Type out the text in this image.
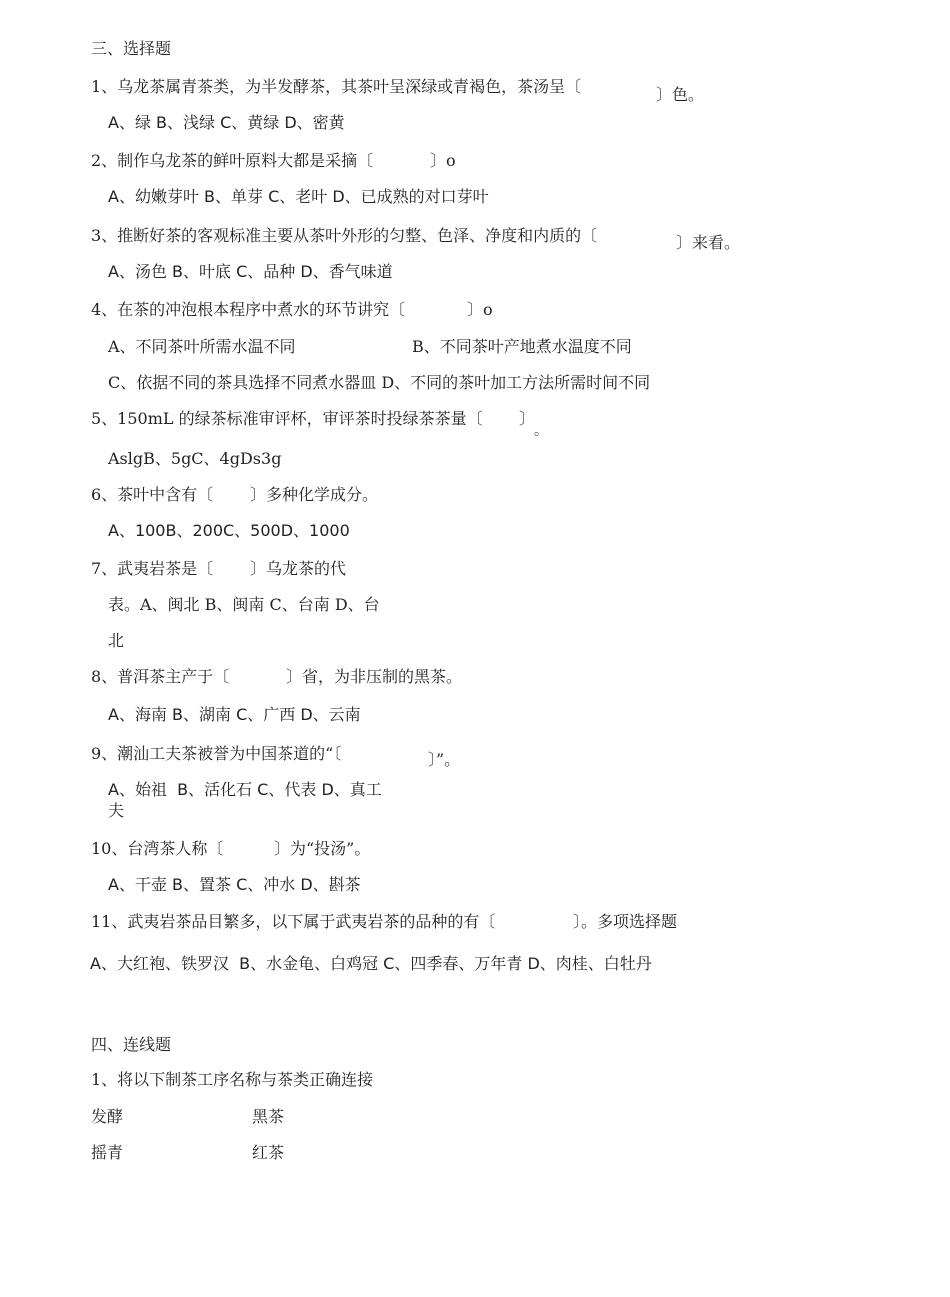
三、选择题
1、乌龙茶属青茶类，为半发酵茶，其茶叶呈深绿或青褐色，茶汤呈〔	〕色。
A、绿 B、浅绿 C、黄绿 D、密黄
2、制作乌龙茶的鲜叶原料大都是采摘〔	〕o
A、幼嫩芽叶 B、单芽 C、老叶 D、已成熟的对口芽叶
3、推断好茶的客观标准主要从茶叶外形的匀整、色泽、净度和内质的〔	〕来看。
A、汤色 B、叶底 C、品种 D、香气味道
4、在茶的冲泡根本程序中煮水的环节讲究〔	〕o
A、不同茶叶所需水温不同	B、不同茶叶产地煮水温度不同
C、依据不同的茶具选择不同煮水器皿 D、不同的茶叶加工方法所需时间不同
5、150mL 的绿茶标准审评杯，审评茶时投绿茶茶量〔 〕
。
AslgB、5gC、4gDs3g
6、茶叶中含有〔 〕多种化学成分。
A、100B、200C、500D、1000
7、武夷岩茶是〔 〕乌龙茶的代
表。A、闽北 B、闽南 C、台南 D、台
北
8、普洱茶主产于〔	〕省，为非压制的黑茶。
A、海南 B、湖南 C、广西 D、云南
9、潮汕工夫茶被誉为中国茶道的“〔	〕”。
A、始祖  B、活化石 C、代表 D、真工
夫
10、台湾茶人称〔	〕为“投汤”。
A、干壶 B、置茶 C、冲水 D、斟茶
11、武夷岩茶品目繁多，以下属于武夷岩茶的品种的有〔	〕。多项选择题
A、大红袍、铁罗汉  B、水金龟、白鸡冠 C、四季春、万年青 D、肉桂、白牡丹
四、连线题
1、将以下制茶工序名称与茶类正确连接
发酵	黑茶
摇青	红茶
